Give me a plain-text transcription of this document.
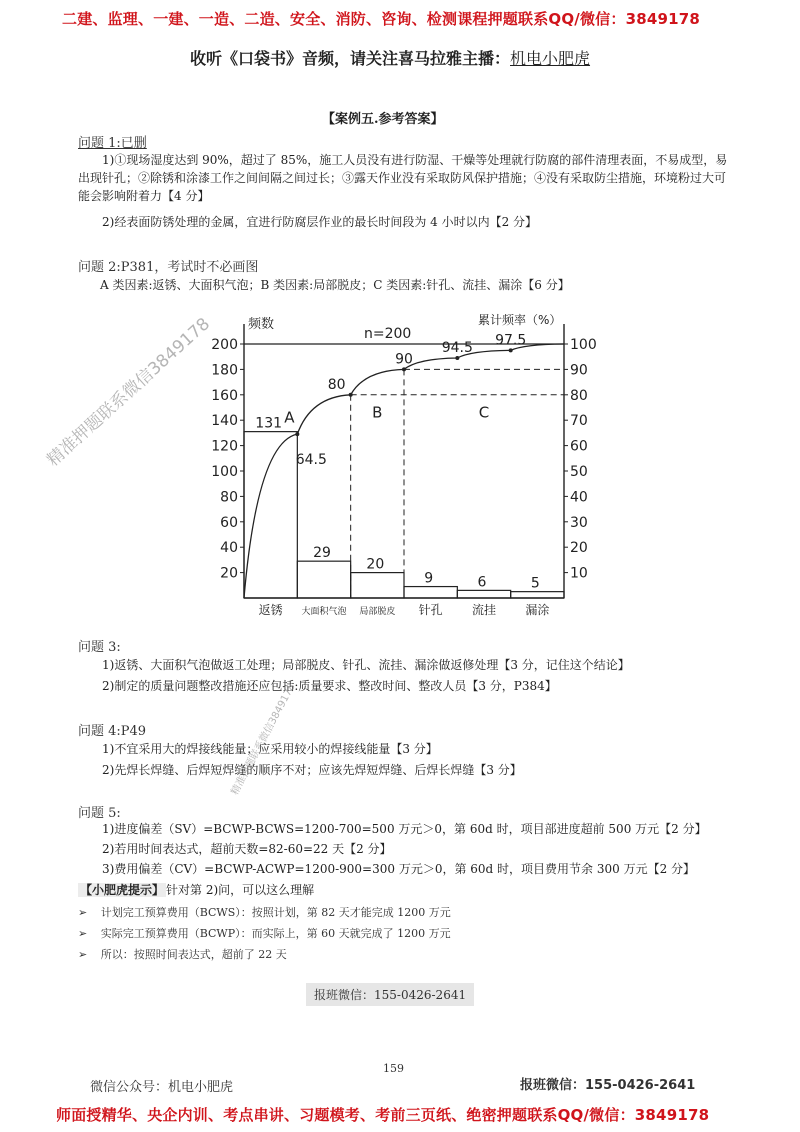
二建、监理、一建、一造、二造、安全、消防、咨询、检测课程押题联系QQ/微信：3849178
收听《口袋书》音频，请关注喜马拉雅主播：机电小肥虎
【案例五.参考答案】
问题 1:已删
1)①现场湿度达到 90%，超过了 85%，施工人员没有进行防湿、干燥等处理就行防腐的部件清理表面，不易成型，易出现针孔；②除锈和涂漆工作之间间隔之间过长；③露天作业没有采取防风保护措施；④没有采取防尘措施，环境粉过大可能会影响附着力【4 分】
2)经表面防锈处理的金属，宜进行防腐层作业的最长时间段为 4 小时以内【2 分】
问题 2:P381，考试时不必画图
A 类因素:返锈、大面积气泡；B 类因素:局部脱皮；C 类因素:针孔、流挂、漏涂【6 分】
频数	累计频率（%）
n=200
20
40
60
80
100
120
140
160
180
200
10
20
30
40
50
60
70
80
90
100
131
返锈
29
大面积气泡
20
局部脱皮
9
针孔
6
流挂
5
漏涂
64.5
80
90
94.5 97.5
A	B	C
问题 3:
1)返锈、大面积气泡做返工处理；局部脱皮、针孔、流挂、漏涂做返修处理【3 分，记住这个结论】
2)制定的质量问题整改措施还应包括:质量要求、整改时间、整改人员【3 分，P384】
问题 4:P49
1)不宜采用大的焊接线能量；应采用较小的焊接线能量【3 分】
2)先焊长焊缝、后焊短焊缝的顺序不对；应该先焊短焊缝、后焊长焊缝【3 分】
问题 5:
1)进度偏差（SV）=BCWP-BCWS=1200-700=500 万元＞0，第 60d 时，项目部进度超前 500 万元【2 分】
2)若用时间表达式，超前天数=82-60=22 天【2 分】
3)费用偏差（CV）=BCWP-ACWP=1200-900=300 万元＞0，第 60d 时，项目费用节余 300 万元【2 分】
【小肥虎提示】 针对第 2)问，可以这么理解
➢ 计划完工预算费用（BCWS）：按照计划，第 82 天才能完成 1200 万元
➢ 实际完工预算费用（BCWP）：而实际上，第 60 天就完成了 1200 万元
➢ 所以：按照时间表达式，超前了 22 天
报班微信：155-0426-2641
159
微信公众号：机电小肥虎	报班微信：155-0426-2641
师面授精华、央企内训、考点串讲、习题模考、考前三页纸、绝密押题联系QQ/微信：3849178
精准押题联系微信3849178
精准押题联系微信3849178
